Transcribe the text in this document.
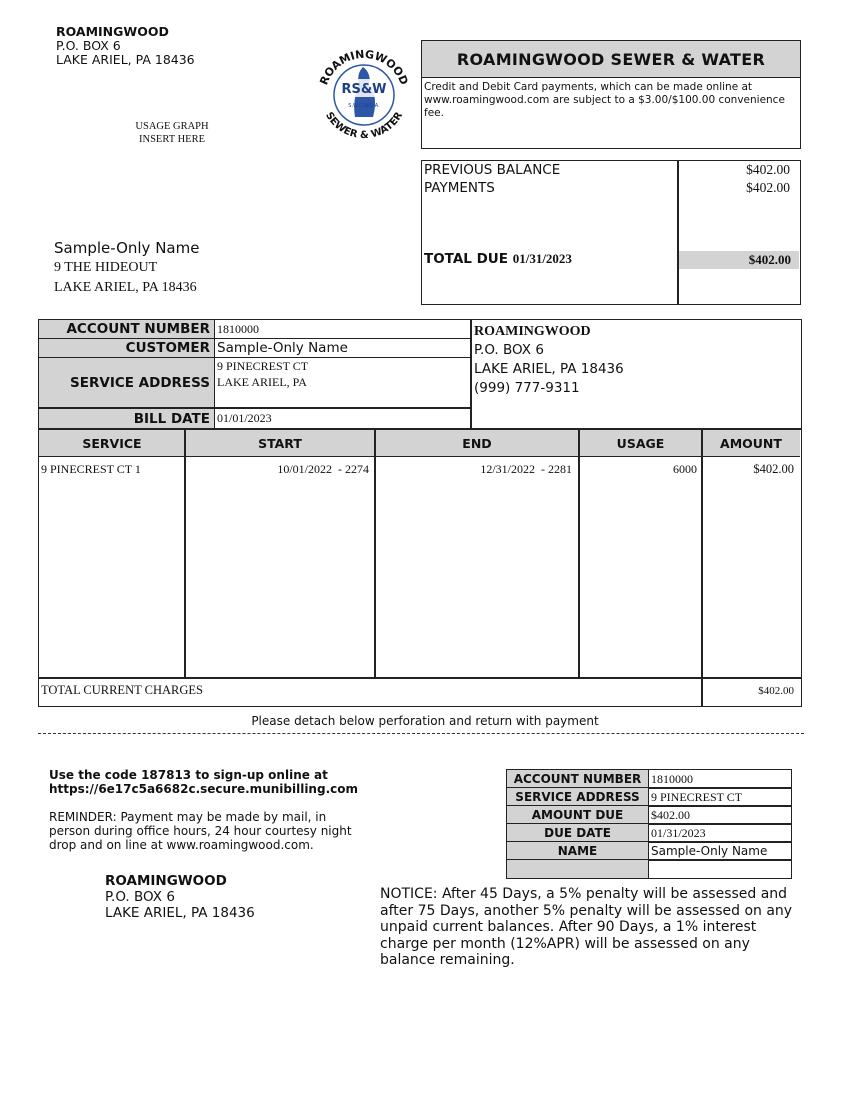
ROAMINGWOOD
P.O. BOX 6
LAKE ARIEL, PA 18436
RS&W
S.W.C.W.S.A.
ROAMINGWOOD
SEWER & WATER
USAGE GRAPH
INSERT HERE
ROAMINGWOOD SEWER & WATER
Credit and Debit Card payments, which can be made online at www.roamingwood.com are subject to a $3.00/$100.00 convenience fee.
PREVIOUS BALANCE	$402.00
PAYMENTS	$402.00
TOTAL DUE 01/31/2023	$402.00
Sample-Only Name
9 THE HIDEOUT
LAKE ARIEL, PA 18436
ACCOUNT NUMBER 1810000
CUSTOMER Sample-Only Name
SERVICE ADDRESS
9 PINECREST CT
LAKE ARIEL, PA
BILL DATE 01/01/2023
ROAMINGWOOD
P.O. BOX 6
LAKE ARIEL, PA 18436
(999) 777-9311
SERVICE	START	END	USAGE	AMOUNT
9 PINECREST CT 1	10/01/2022  - 2274	12/31/2022  - 2281	6000	$402.00
TOTAL CURRENT CHARGES	$402.00
Please detach below perforation and return with payment
Use the code 187813 to sign-up online at
https://6e17c5a6682c.secure.munibilling.com
REMINDER: Payment may be made by mail, in person during office hours, 24 hour courtesy night drop and on line at www.roamingwood.com.
ROAMINGWOOD
P.O. BOX 6
LAKE ARIEL, PA 18436
ACCOUNT NUMBER 1810000
SERVICE ADDRESS 9 PINECREST CT
AMOUNT DUE	$402.00
DUE DATE	01/31/2023
NAME	Sample-Only Name
NOTICE: After 45 Days, a 5% penalty will be assessed and after 75 Days, another 5% penalty will be assessed on any unpaid current balances. After 90 Days, a 1% interest charge per month (12%APR) will be assessed on any balance remaining.
